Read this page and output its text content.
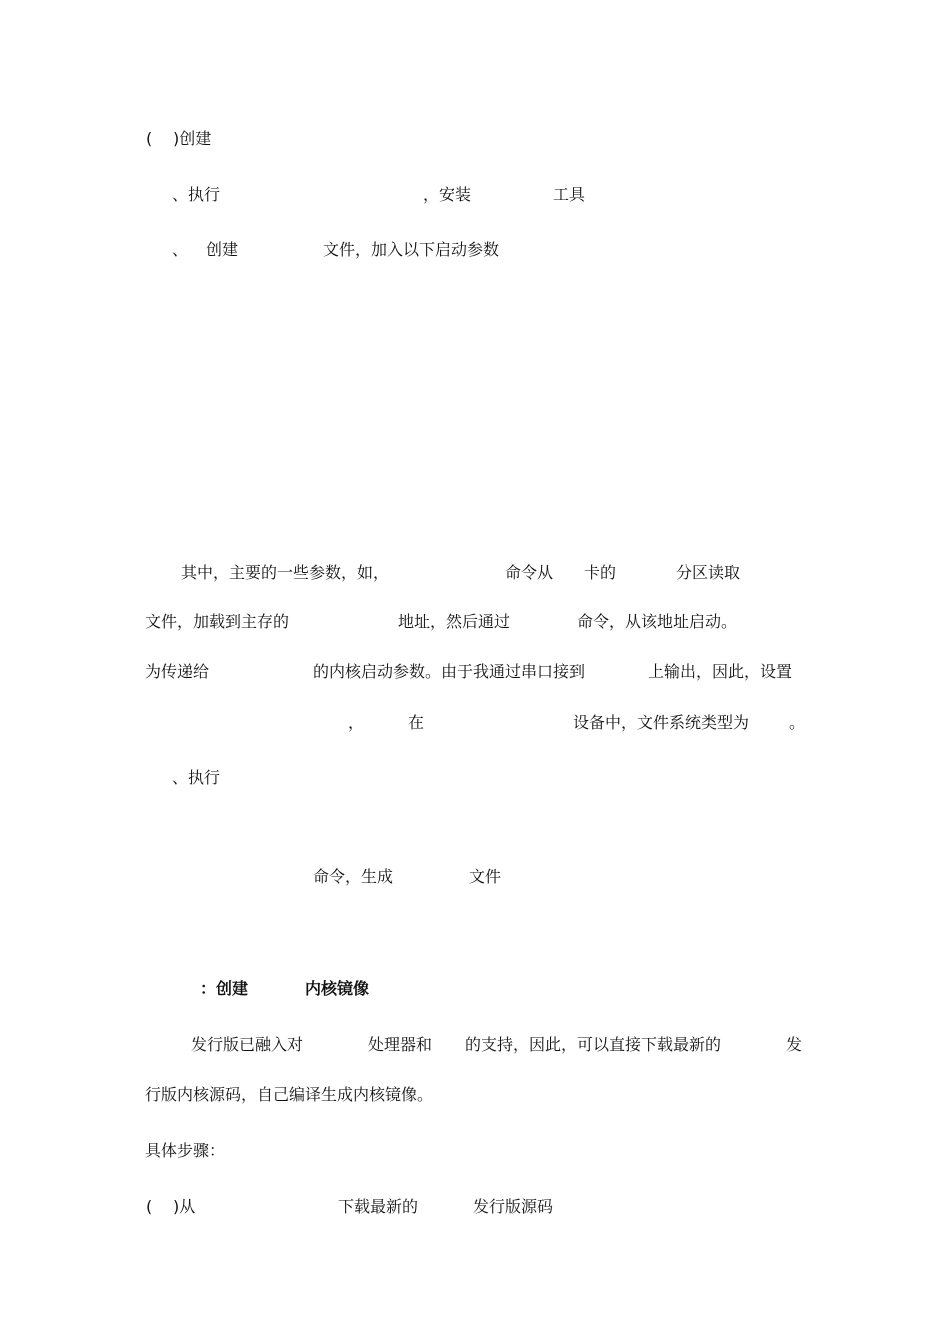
( )创建
、执行	，安装	工具
、 创建	文件，加入以下启动参数
其中，主要的一些参数，如，	命令从 卡的	分区读取
文件，加载到主存的	地址，然后通过	命令，从该地址启动。
为传递给	的内核启动参数。由于我通过串口接到	上输出，因此，设置
，	在	设备中，文件系统类型为 。
、执行
命令，生成	文件
：创建	内核镜像
发行版已融入对	处理器和 的支持，因此，可以直接下载最新的	发
行版内核源码，自己编译生成内核镜像。
具体步骤：
( )从	下载最新的	发行版源码
